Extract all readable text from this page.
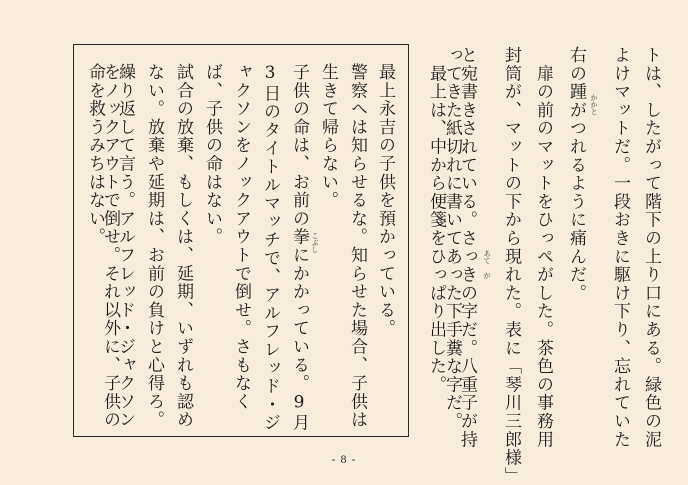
トは、したがって階下の上り口にある。緑色の泥
よけマットだ。一段おきに駆け下り、忘れていた
右の踵がつれるように痛んだ。
　扉の前のマットをひっぺがした。茶色の事務用
封筒が、マットの下から現れた。表に「琴川三郎様」
と宛書きされている。さっきの字だ。八重子が持
ってきた紙切れに書いてあった下手糞な字だ。
　最上は、中から便箋をひっぱり出した。	かかと
あて が
最上永吉の子供を預かっている。
警察へは知らせるな。知らせた場合、子供は
生きて帰らない。
子供の命は、お前の拳にかかっている。9月
3日のタイトルマッチで、アルフレッド・ジ
ャクソンをノックアウトで倒せ。さもなく
ば、子供の命はない。
試合の放棄、もしくは、延期、いずれも認め
ない。放棄や延期は、お前の負けと心得ろ。
繰り返して言う。アルフレッド・ジャクソン
をノックアウトで倒せ。それ以外に、子供の
命を救うみちはない。	こぶし
- 8 -
